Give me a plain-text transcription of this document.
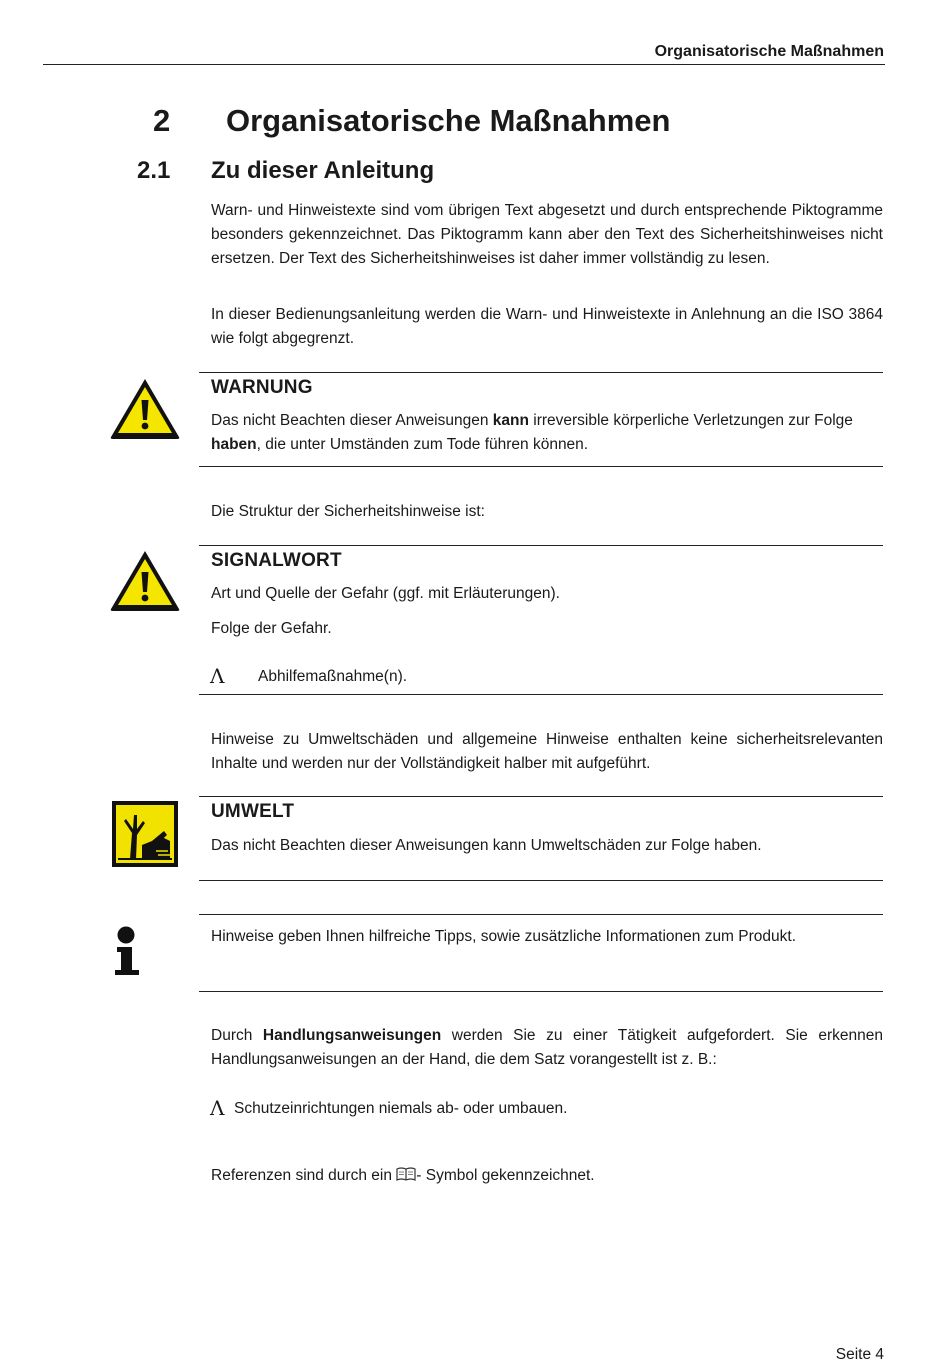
Organisatorische Maßnahmen
2 Organisatorische Maßnahmen
2.1 Zu dieser Anleitung
Warn- und Hinweistexte sind vom übrigen Text abgesetzt und durch entsprechende Piktogramme besonders gekennzeichnet. Das Piktogramm kann aber den Text des Sicherheitshinweises nicht ersetzen. Der Text des Sicherheitshinweises ist daher immer vollständig zu lesen.
In dieser Bedienungsanleitung werden die Warn- und Hinweistexte in Anlehnung an die ISO 3864 wie folgt abgegrenzt.
WARNUNG
Das nicht Beachten dieser Anweisungen kann irreversible körperliche Verletzungen zur Folge haben, die unter Umständen zum Tode führen können.
Die Struktur der Sicherheitshinweise ist:
SIGNALWORT
Art und Quelle der Gefahr (ggf. mit Erläuterungen).
Folge der Gefahr.
Λ Abhilfemaßnahme(n).
Hinweise zu Umweltschäden und allgemeine Hinweise enthalten keine sicherheitsrelevanten Inhalte und werden nur der Vollständigkeit halber mit aufgeführt.
UMWELT
Das nicht Beachten dieser Anweisungen kann Umweltschäden zur Folge haben.
Hinweise geben Ihnen hilfreiche Tipps, sowie zusätzliche Informationen zum Produkt.
Durch Handlungsanweisungen werden Sie zu einer Tätigkeit aufgefordert. Sie erkennen Handlungsanweisungen an der Hand, die dem Satz vorangestellt ist z. B.:
Λ Schutzeinrichtungen niemals ab- oder umbauen.
Referenzen sind durch ein - Symbol gekennzeichnet.
Seite 4
